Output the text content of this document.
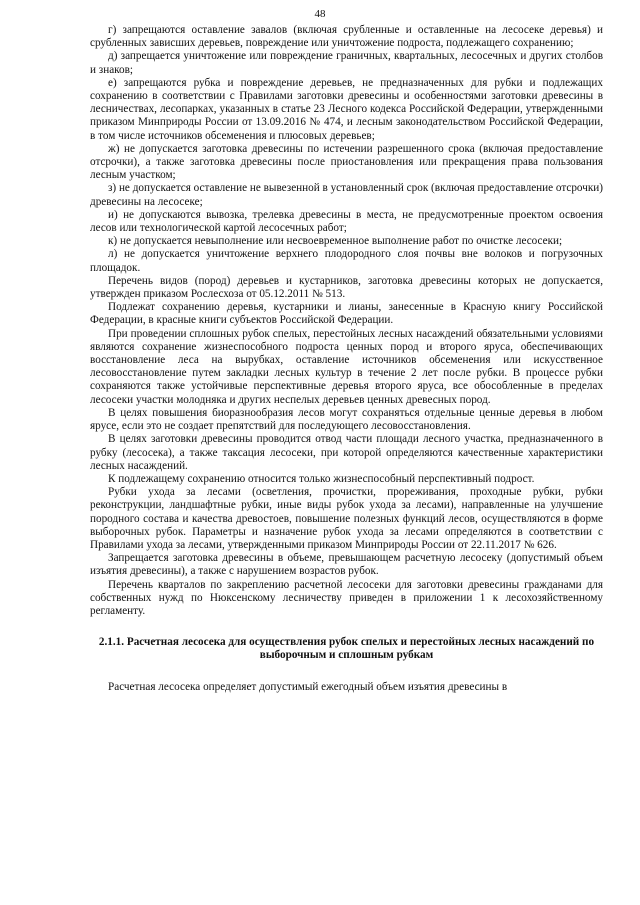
48

г) запрещаются оставление завалов (включая срубленные и оставленные на лесосеке деревья) и срубленных зависших деревьев, повреждение или уничтожение подроста, подлежащего сохранению;

д) запрещается уничтожение или повреждение граничных, квартальных, лесосечных и других столбов и знаков;

е) запрещаются рубка и повреждение деревьев, не предназначенных для рубки и подлежащих сохранению в соответствии с Правилами заготовки древесины и особенностями заготовки древесины в лесничествах, лесопарках, указанных в статье 23 Лесного кодекса Российской Федерации, утвержденными приказом Минприроды России от 13.09.2016 № 474, и лесным законодательством Российской Федерации, в том числе источников обсеменения и плюсовых деревьев;

ж) не допускается заготовка древесины по истечении разрешенного срока (включая предоставление отсрочки), а также заготовка древесины после приостановления или прекращения права пользования лесным участком;

з) не допускается оставление не вывезенной в установленный срок (включая предоставление отсрочки) древесины на лесосеке;

и) не допускаются вывозка, трелевка древесины в места, не предусмотренные проектом освоения лесов или технологической картой лесосечных работ;

к) не допускается невыполнение или несвоевременное выполнение работ по очистке лесосеки;

л) не допускается уничтожение верхнего плодородного слоя почвы вне волоков и погрузочных площадок.

Перечень видов (пород) деревьев и кустарников, заготовка древесины которых не допускается, утвержден приказом Рослесхоза от 05.12.2011 № 513.

Подлежат сохранению деревья, кустарники и лианы, занесенные в Красную книгу Российской Федерации, в красные книги субъектов Российской Федерации.

При проведении сплошных рубок спелых, перестойных лесных насаждений обязательными условиями являются сохранение жизнеспособного подроста ценных пород и второго яруса, обеспечивающих восстановление леса на вырубках, оставление источников обсеменения или искусственное лесовосстановление путем закладки лесных культур в течение 2 лет после рубки. В процессе рубки сохраняются также устойчивые перспективные деревья второго яруса, все обособленные в пределах лесосеки участки молодняка и других неспелых деревьев ценных древесных пород.

В целях повышения биоразнообразия лесов могут сохраняться отдельные ценные деревья в любом ярусе, если это не создает препятствий для последующего лесовосстановления.

В целях заготовки древесины проводится отвод части площади лесного участка, предназначенного в рубку (лесосека), а также таксация лесосеки, при которой определяются качественные характеристики лесных насаждений.

К подлежащему сохранению относится только жизнеспособный перспективный подрост.

Рубки ухода за лесами (осветления, прочистки, прореживания, проходные рубки, рубки реконструкции, ландшафтные рубки, иные виды рубок ухода за лесами), направленные на улучшение породного состава и качества древостоев, повышение полезных функций лесов, осуществляются в форме выборочных рубок. Параметры и назначение рубок ухода за лесами определяются в соответствии с Правилами ухода за лесами, утвержденными приказом Минприроды России от 22.11.2017 № 626.

Запрещается заготовка древесины в объеме, превышающем расчетную лесосеку (допустимый объем изъятия древесины), а также с нарушением возрастов рубок.

Перечень кварталов по закреплению расчетной лесосеки для заготовки древесины гражданами для собственных нужд по Нюксенскому лесничеству приведен в приложении 1 к лесохозяйственному регламенту.

2.1.1. Расчетная лесосека для осуществления рубок спелых и перестойных лесных насаждений по выборочным и сплошным рубкам

Расчетная лесосека определяет допустимый ежегодный объем изъятия древесины в
